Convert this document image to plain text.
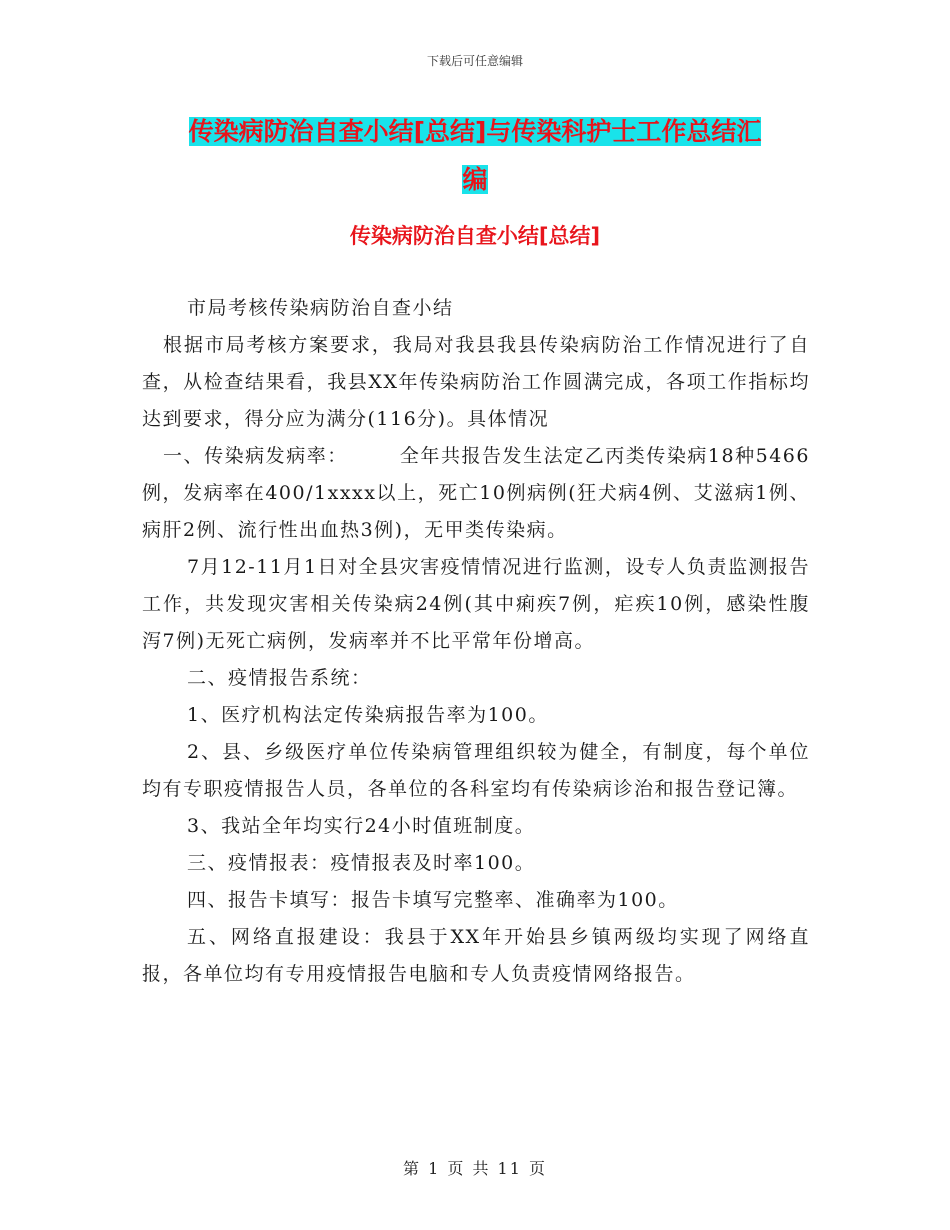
下载后可任意编辑
传染病防治自查小结[总结]与传染科护士工作总结汇
编
传染病防治自查小结[总结]

市局考核传染病防治自查小结

根据市局考核方案要求，我局对我县我县传染病防治工作情况进行了自查，从检查结果看，我县XX年传染病防治工作圆满完成，各项工作指标均达到要求，得分应为满分(116分)。具体情况

一、传染病发病率：　　　全年共报告发生法定乙丙类传染病18种5466例，发病率在400/1xxxx以上，死亡10例病例(狂犬病4例、艾滋病1例、病肝2例、流行性出血热3例)，无甲类传染病。

7月12-11月1日对全县灾害疫情情况进行监测，设专人负责监测报告工作，共发现灾害相关传染病24例(其中痢疾7例，疟疾10例，感染性腹泻7例)无死亡病例，发病率并不比平常年份增高。

二、疫情报告系统：

1、医疗机构法定传染病报告率为100。

2、县、乡级医疗单位传染病管理组织较为健全，有制度，每个单位均有专职疫情报告人员，各单位的各科室均有传染病诊治和报告登记簿。

3、我站全年均实行24小时值班制度。

三、疫情报表：疫情报表及时率100。

四、报告卡填写：报告卡填写完整率、准确率为100。

五、网络直报建设：我县于XX年开始县乡镇两级均实现了网络直报，各单位均有专用疫情报告电脑和专人负责疫情网络报告。

第 1 页 共 11 页
